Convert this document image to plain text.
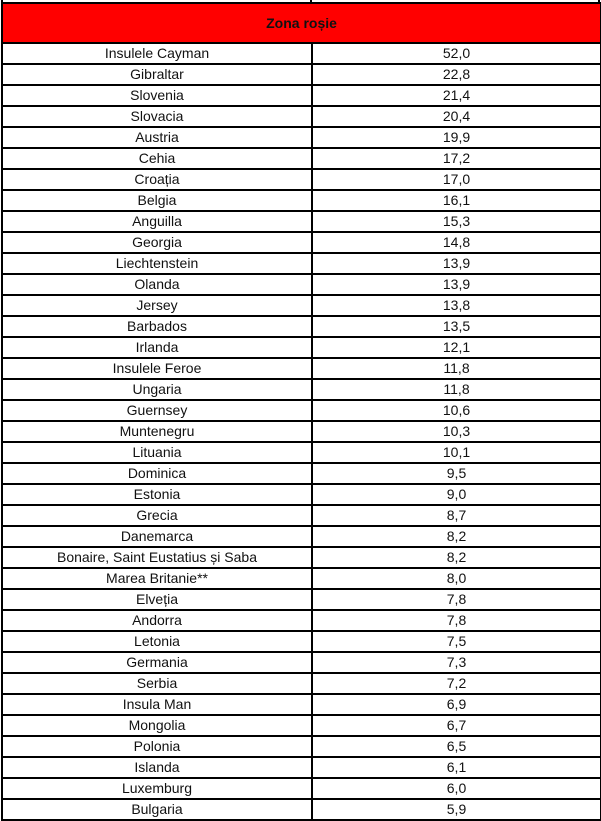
Zona roșie	
Insulele Cayman	52,0
Gibraltar	22,8
Slovenia	21,4
Slovacia	20,4
Austria	19,9
Cehia	17,2
Croația	17,0
Belgia	16,1
Anguilla	15,3
Georgia	14,8
Liechtenstein	13,9
Olanda	13,9
Jersey	13,8
Barbados	13,5
Irlanda	12,1
Insulele Feroe	11,8
Ungaria	11,8
Guernsey	10,6
Muntenegru	10,3
Lituania	10,1
Dominica	9,5
Estonia	9,0
Grecia	8,7
Danemarca	8,2
Bonaire, Saint Eustatius și Saba	8,2
Marea Britanie**	8,0
Elveția	7,8
Andorra	7,8
Letonia	7,5
Germania	7,3
Serbia	7,2
Insula Man	6,9
Mongolia	6,7
Polonia	6,5
Islanda	6,1
Luxemburg	6,0
Bulgaria	5,9
